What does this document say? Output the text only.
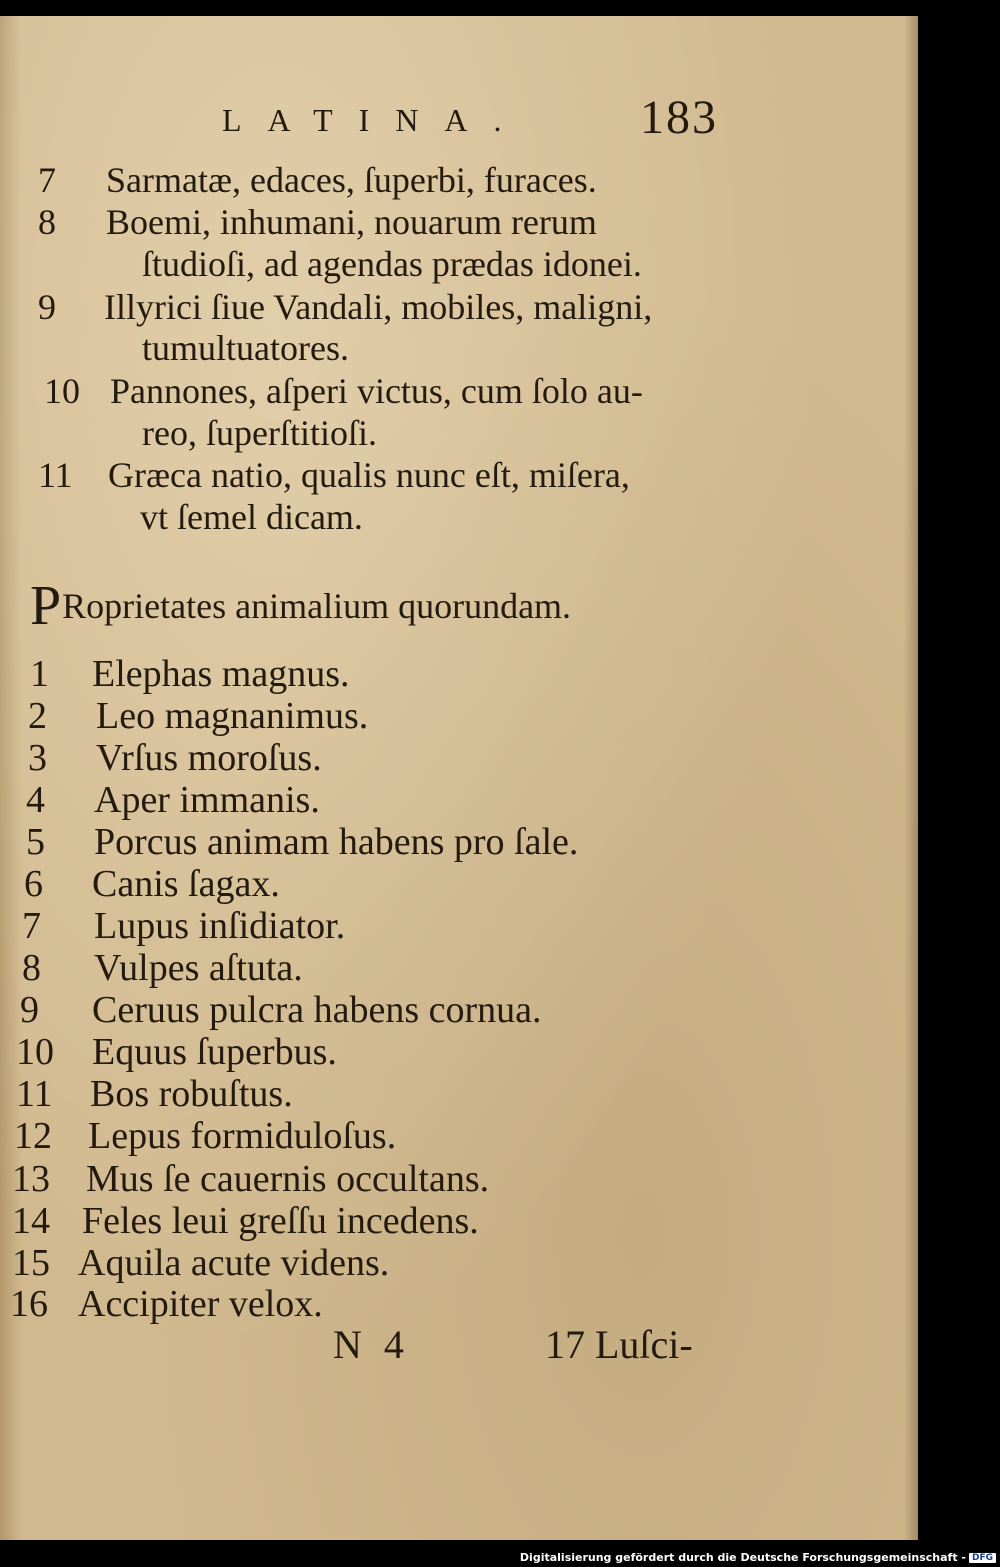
LATINA. 183
7 Sarmatæ, edaces, ſuperbi, furaces.
8 Boemi, inhumani, nouarum rerum
ſtudioſi, ad agendas prædas idonei.
9 Illyrici ſiue Vandali, mobiles, maligni,
tumultuatores.
10 Pannones, aſperi victus, cum ſolo au-
reo, ſuperſtitioſi.
11 Græca natio, qualis nunc eſt, miſera,
vt ſemel dicam.
PRoprietates animalium quorundam.
1 Elephas magnus.
2 Leo magnanimus.
3 Vrſus moroſus.
4 Aper immanis.
5 Porcus animam habens pro ſale.
6 Canis ſagax.
7 Lupus inſidiator.
8 Vulpes aſtuta.
9 Ceruus pulcra habens cornua.
10 Equus ſuperbus.
11 Bos robuſtus.
12 Lepus formiduloſus.
13 Mus ſe cauernis occultans.
14 Feles leui greſſu incedens.
15 Aquila acute videns.
16 Accipiter velox.
N 4	17 Luſci-
Digitalisierung gefördert durch die Deutsche Forschungsgemeinschaft - DFG
